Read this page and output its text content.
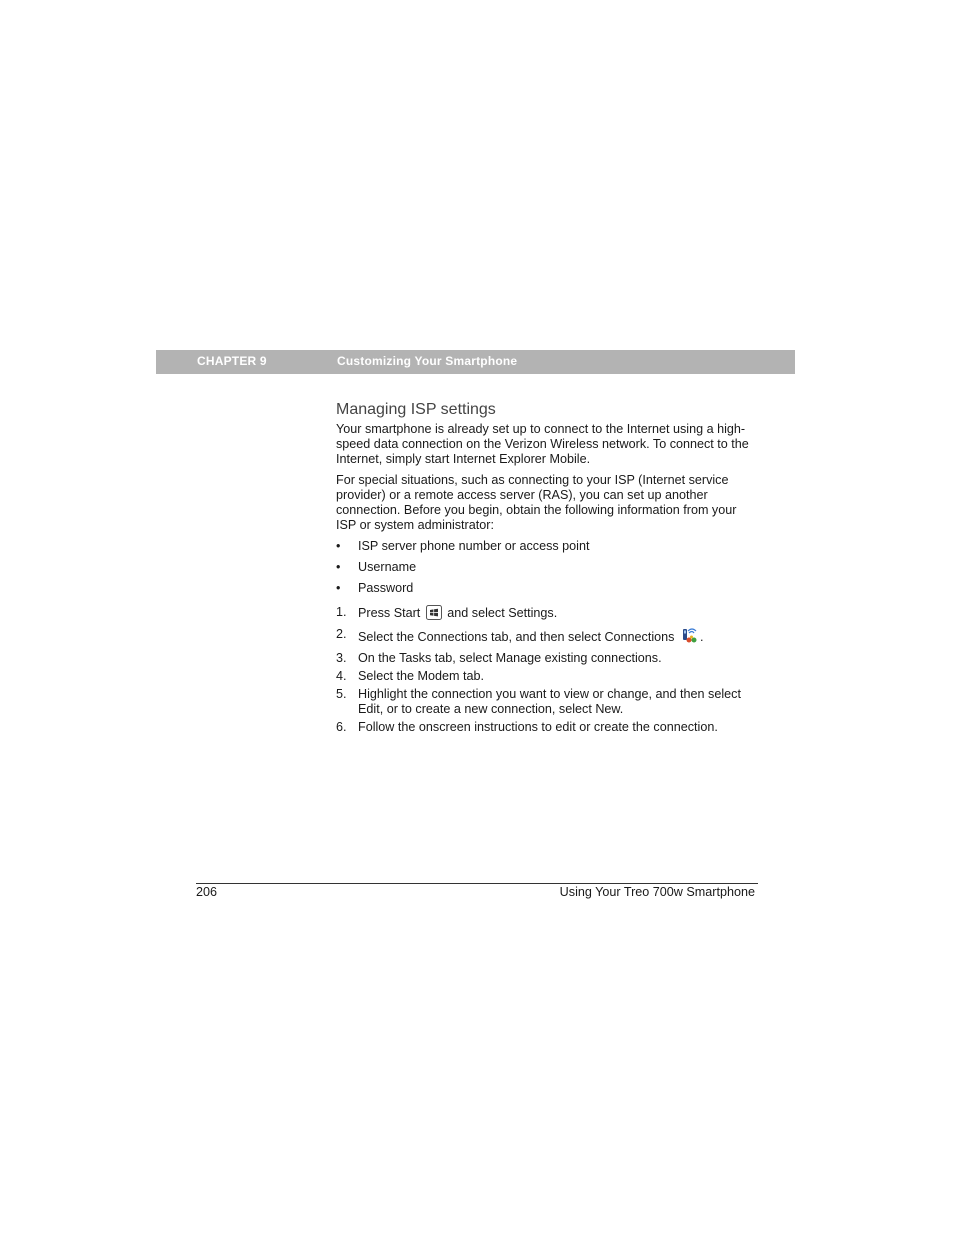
CHAPTER 9	Customizing Your Smartphone
Managing ISP settings

Your smartphone is already set up to connect to the Internet using a high-speed data connection on the Verizon Wireless network. To connect to the Internet, simply start Internet Explorer Mobile.

For special situations, such as connecting to your ISP (Internet service provider) or a remote access server (RAS), you can set up another connection. Before you begin, obtain the following information from your ISP or system administrator:

• ISP server phone number or access point
• Username
• Password
1. Press Start and select Settings.
2. Select the Connections tab, and then select Connections .
3. On the Tasks tab, select Manage existing connections.
4. Select the Modem tab.
5. Highlight the connection you want to view or change, and then select Edit, or to create a new connection, select New.
6. Follow the onscreen instructions to edit or create the connection.
206	Using Your Treo 700w Smartphone
